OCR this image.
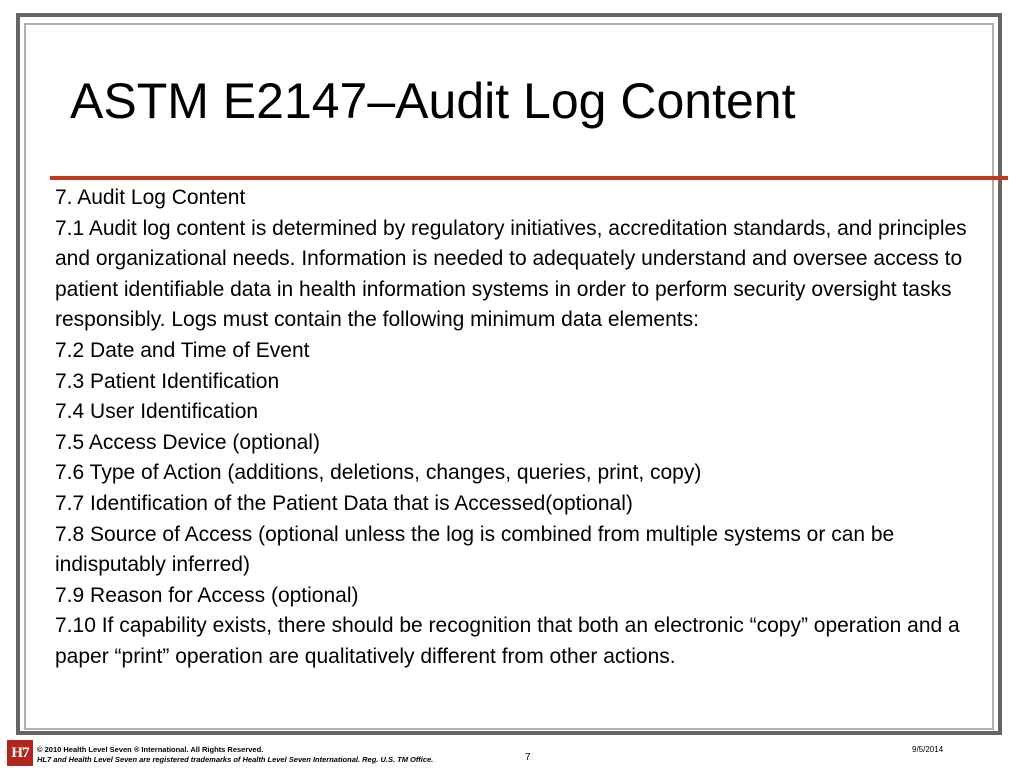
ASTM E2147–Audit Log Content

7. Audit Log Content

7.1 Audit log content is determined by regulatory initiatives, accreditation standards, and principles and organizational needs. Information is needed to adequately understand and oversee access to patient identifiable data in health information systems in order to perform security oversight tasks responsibly. Logs must contain the following minimum data elements:

7.2 Date and Time of Event

7.3 Patient Identification

7.4 User Identification

7.5 Access Device (optional)

7.6 Type of Action (additions, deletions, changes, queries, print, copy)

7.7 Identification of the Patient Data that is Accessed(optional)

7.8 Source of Access (optional unless the log is combined from multiple systems or can be indisputably inferred)

7.9 Reason for Access (optional)

7.10 If capability exists, there should be recognition that both an electronic “copy” operation and a paper “print” operation are qualitatively different from other actions.

H7	© 2010 Health Level Seven ® International. All Rights Reserved.
HL7 and Health Level Seven are registered trademarks of Health Level Seven International. Reg. U.S. TM Office.	7
9/5/2014
